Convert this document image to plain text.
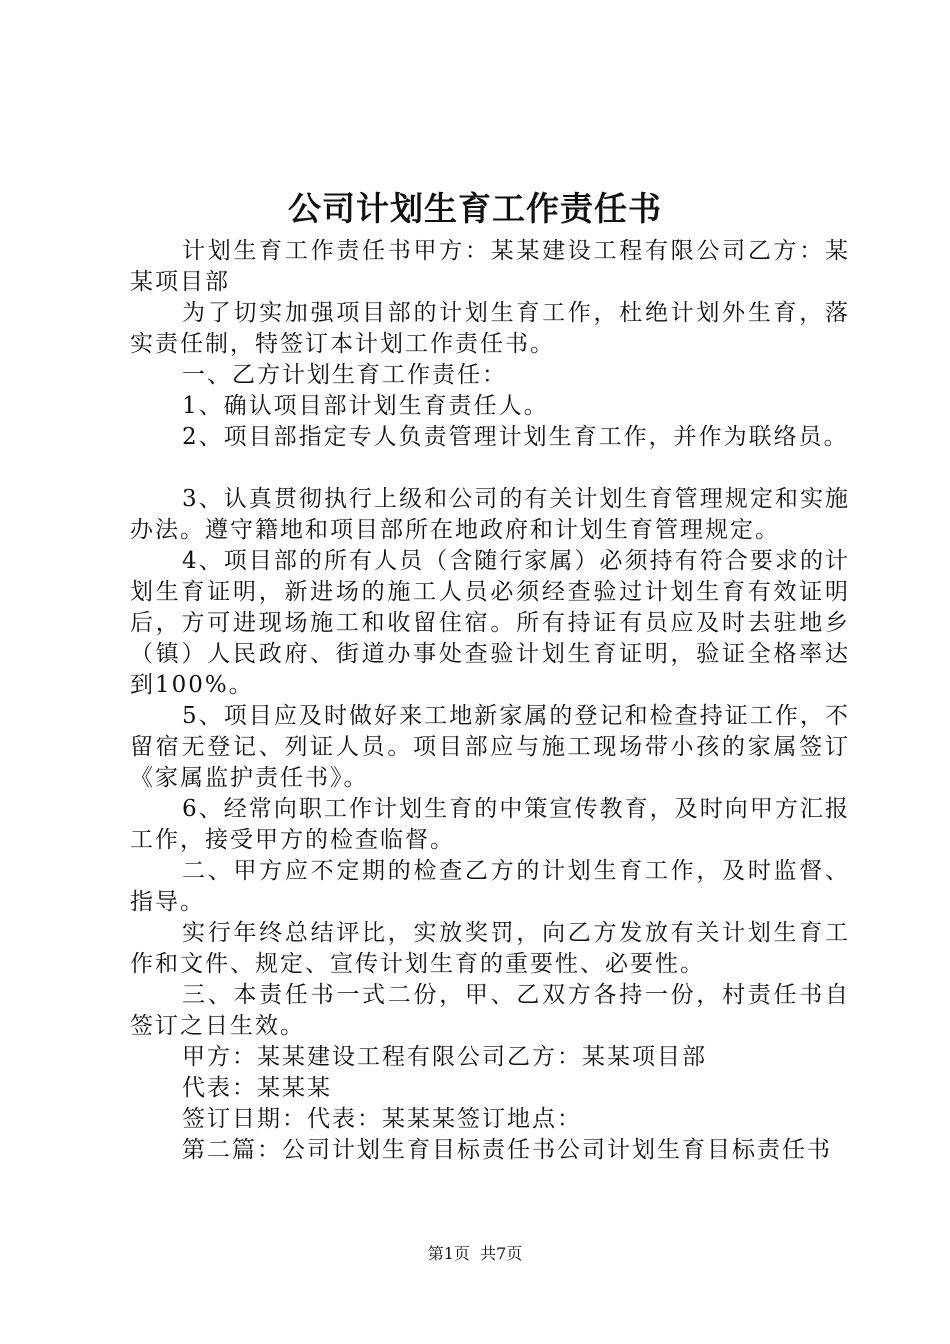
公司计划生育工作责任书

计划生育工作责任书甲方：某某建设工程有限公司乙方：某某项目部

为了切实加强项目部的计划生育工作，杜绝计划外生育，落实责任制，特签订本计划工作责任书。

一、乙方计划生育工作责任：

1、确认项目部计划生育责任人。

2、项目部指定专人负责管理计划生育工作，并作为联络员。

3、认真贯彻执行上级和公司的有关计划生育管理规定和实施办法。遵守籍地和项目部所在地政府和计划生育管理规定。

4、项目部的所有人员（含随行家属）必须持有符合要求的计划生育证明，新进场的施工人员必须经查验过计划生育有效证明后，方可进现场施工和收留住宿。所有持证有员应及时去驻地乡（镇）人民政府、街道办事处查验计划生育证明，验证全格率达到100%。

5、项目应及时做好来工地新家属的登记和检查持证工作，不留宿无登记、列证人员。项目部应与施工现场带小孩的家属签订《家属监护责任书》。

6、经常向职工作计划生育的中策宣传教育，及时向甲方汇报工作，接受甲方的检查临督。

二、甲方应不定期的检查乙方的计划生育工作，及时监督、指导。

实行年终总结评比，实放奖罚，向乙方发放有关计划生育工作和文件、规定、宣传计划生育的重要性、必要性。

三、本责任书一式二份，甲、乙双方各持一份，村责任书自签订之日生效。

甲方：某某建设工程有限公司乙方：某某项目部

代表：某某某

签订日期：代表：某某某签订地点：

第二篇：公司计划生育目标责任书公司计划生育目标责任书

第1页  共7页
